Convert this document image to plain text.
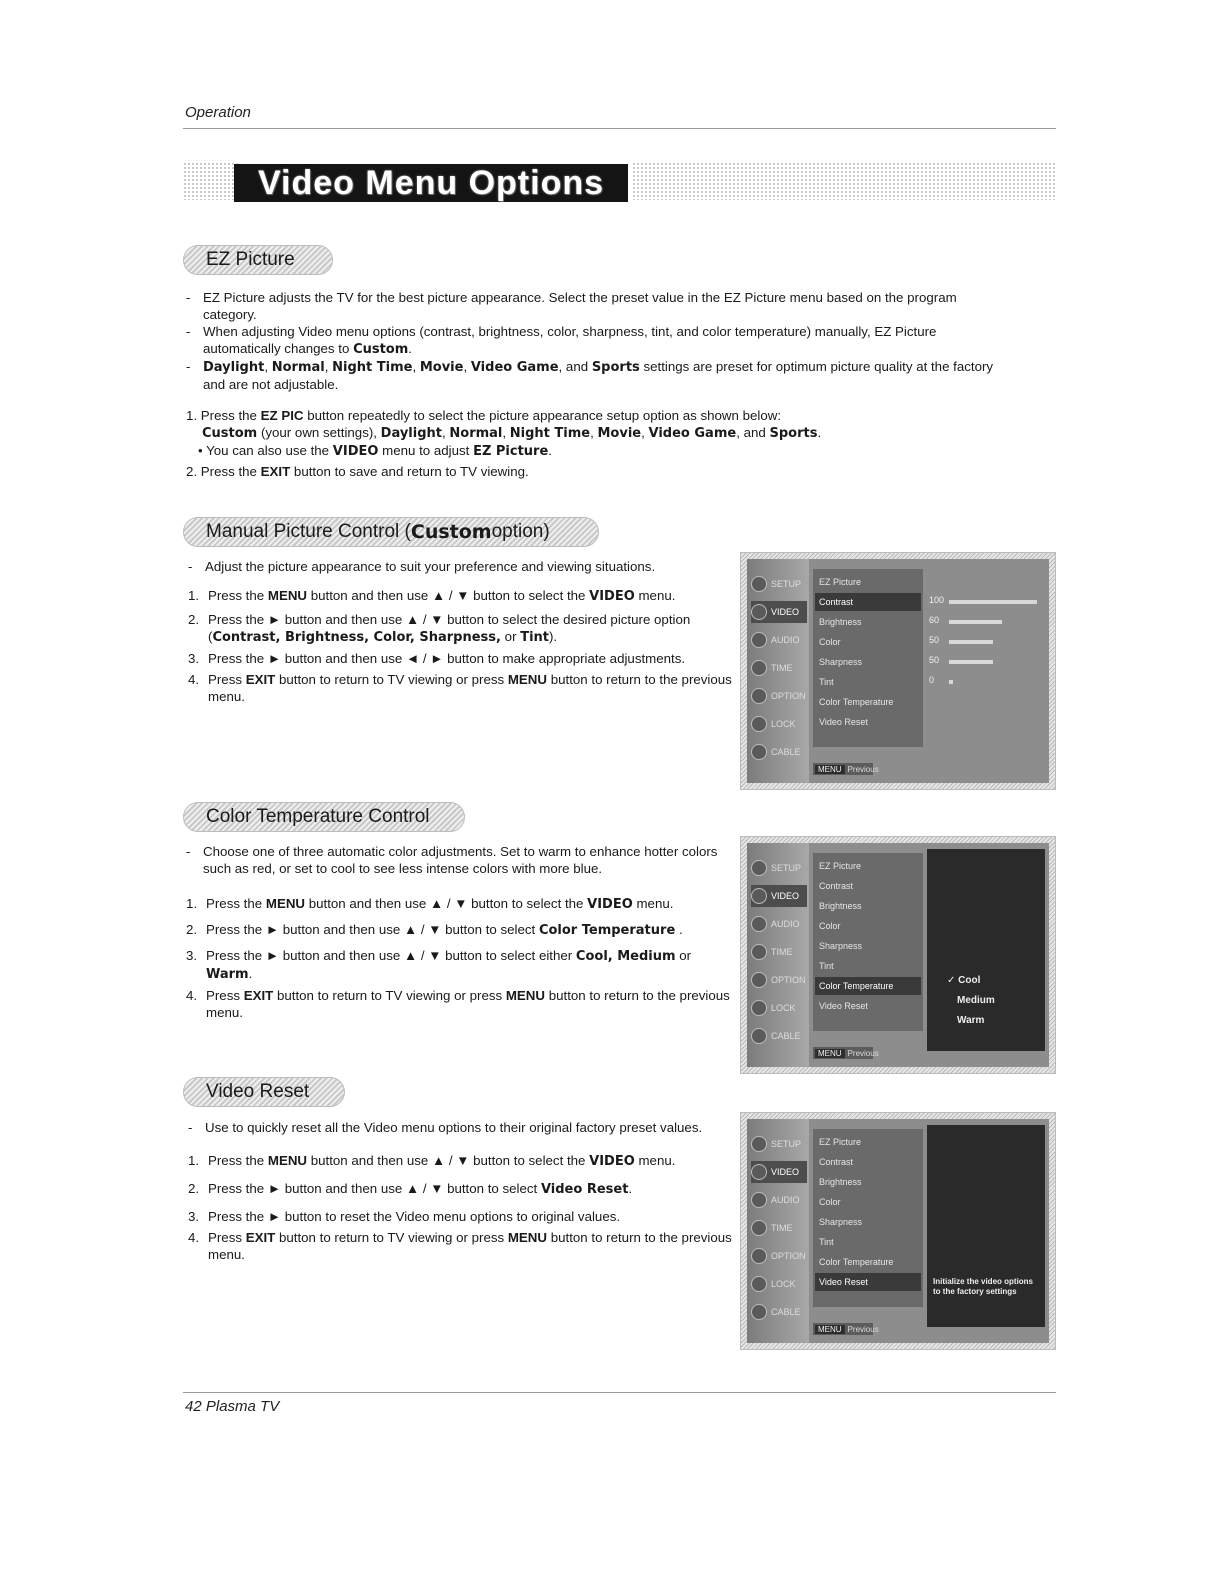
Operation
Video Menu Options
EZ Picture
- EZ Picture adjusts the TV for the best picture appearance. Select the preset value in the EZ Picture menu based on the program category.
- When adjusting Video menu options (contrast, brightness, color, sharpness, tint, and color temperature) manually, EZ Picture automatically changes to Custom.
- Daylight, Normal, Night Time, Movie, Video Game, and Sports settings are preset for optimum picture quality at the factory and are not adjustable.
1. Press the EZ PIC button repeatedly to select the picture appearance setup option as shown below:
Custom (your own settings), Daylight, Normal, Night Time, Movie, Video Game, and Sports.
• You can also use the VIDEO menu to adjust EZ Picture.
2. Press the EXIT button to save and return to TV viewing.
Manual Picture Control ( Custom option)
- Adjust the picture appearance to suit your preference and viewing situations.
1. Press the MENU button and then use ▲ / ▼ button to select the VIDEO menu.
2. Press the ► button and then use ▲ / ▼ button to select the desired picture option (Contrast, Brightness, Color, Sharpness, or Tint).
3. Press the ► button and then use ◄ / ► button to make appropriate adjustments.
4. Press EXIT button to return to TV viewing or press MENU button to return to the previous menu.
SETUP
VIDEO
AUDIO
TIME
OPTION
LOCK
CABLE
EZ Picture
Contrast
Brightness
Color
Sharpness
Tint
Color Temperature
Video Reset
100
60
50
50
0
MENU Previous
Color Temperature Control
- Choose one of three automatic color adjustments. Set to warm to enhance hotter colors such as red, or set to cool to see less intense colors with more blue.
1. Press the MENU button and then use ▲ / ▼ button to select the VIDEO menu.
2. Press the ► button and then use ▲ / ▼ button to select Color Temperature .
3. Press the ► button and then use ▲ / ▼ button to select either Cool, Medium or Warm.
4. Press EXIT button to return to TV viewing or press MENU button to return to the previous menu.
SETUP
VIDEO
AUDIO
TIME
OPTION
LOCK
CABLE
EZ Picture
Contrast
Brightness
Color
Sharpness
Tint
Color Temperature
Video Reset
✓ Cool
Medium
Warm
MENU Previous
Video Reset
- Use to quickly reset all the Video menu options to their original factory preset values.
1. Press the MENU button and then use ▲ / ▼ button to select the VIDEO menu.
2. Press the ► button and then use ▲ / ▼ button to select Video Reset.
3. Press the ► button to reset the Video menu options to original values.
4. Press EXIT button to return to TV viewing or press MENU button to return to the previous menu.
SETUP
VIDEO
AUDIO
TIME
OPTION
LOCK
CABLE
EZ Picture
Contrast
Brightness
Color
Sharpness
Tint
Color Temperature
Video Reset	Initialize the video options to the factory settings
MENU Previous
42 Plasma TV
